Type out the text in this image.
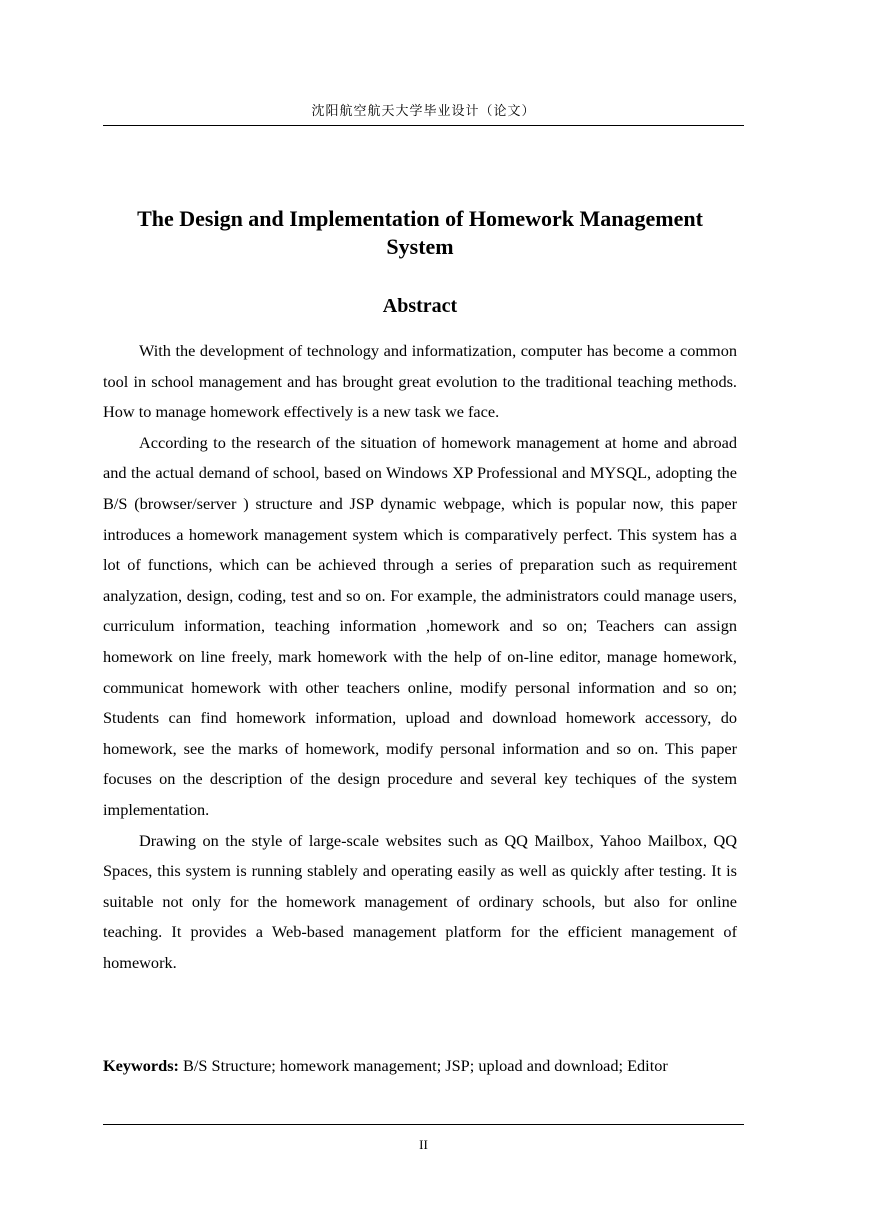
沈阳航空航天大学毕业设计（论文）
The Design and Implementation of Homework Management
System
Abstract

With the development of technology and informatization, computer has become a common tool in school management and has brought great evolution to the traditional teaching methods. How to manage homework effectively is a new task we face.

According to the research of the situation of homework management at home and abroad and the actual demand of school, based on Windows XP Professional and MYSQL, adopting the B/S (browser/server ) structure and JSP dynamic webpage, which is popular now, this paper introduces a homework management system which is comparatively perfect. This system has a lot of functions, which can be achieved through a series of preparation such as requirement analyzation, design, coding, test and so on. For example, the administrators could manage users, curriculum information, teaching information ,homework and so on; Teachers can assign homework on line freely, mark homework with the help of on-line editor, manage homework, communicat homework with other teachers online, modify personal information and so on; Students can find homework information, upload and download homework accessory, do homework, see the marks of homework, modify personal information and so on. This paper focuses on the description of the design procedure and several key techiques of the system implementation.

Drawing on the style of large-scale websites such as QQ Mailbox, Yahoo Mailbox, QQ Spaces, this system is running stablely and operating easily as well as quickly after testing. It is suitable not only for the homework management of ordinary schools, but also for online teaching. It provides a Web-based management platform for the efficient management of homework.

Keywords: B/S Structure; homework management; JSP; upload and download; Editor
II
